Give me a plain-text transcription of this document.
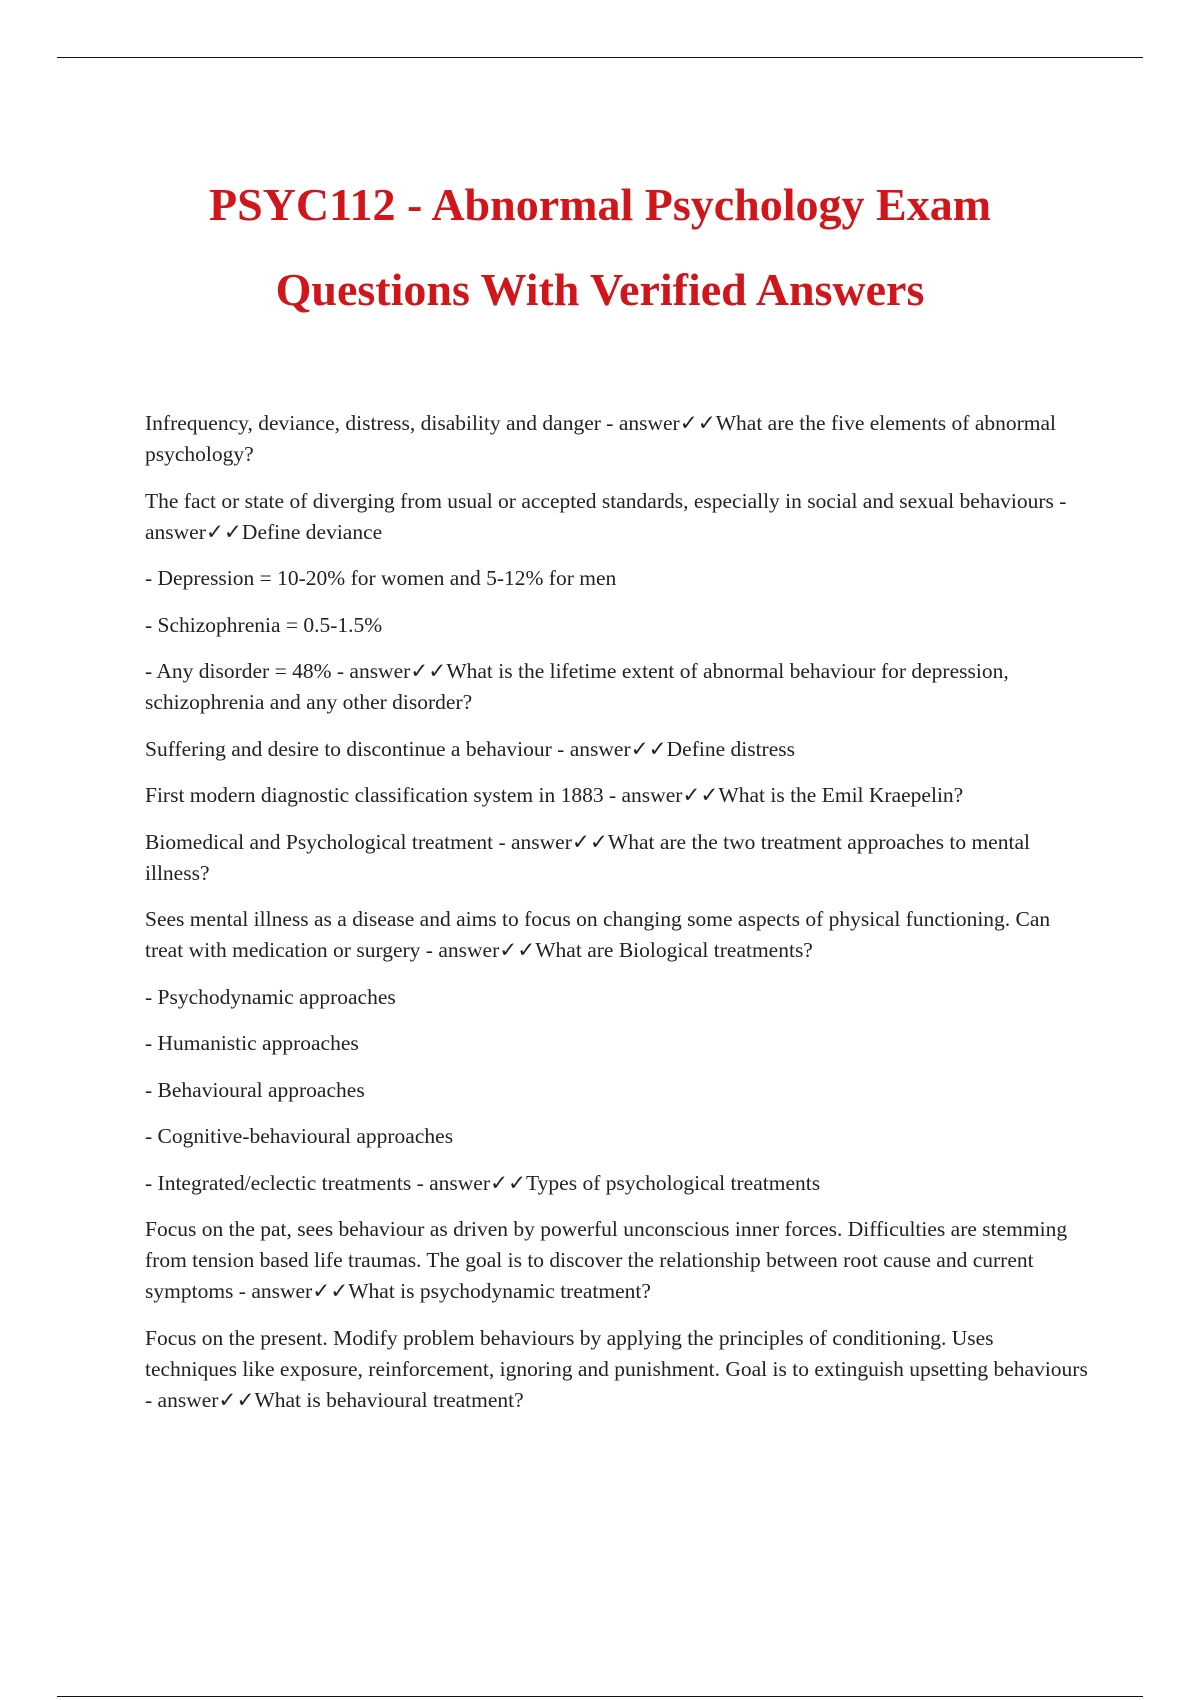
PSYC112 - Abnormal Psychology Exam
Questions With Verified Answers

Infrequency, deviance, distress, disability and danger - answer✓✓What are the five elements of abnormal psychology?

The fact or state of diverging from usual or accepted standards, especially in social and sexual behaviours - answer✓✓Define deviance

- Depression = 10-20% for women and 5-12% for men

- Schizophrenia = 0.5-1.5%

- Any disorder = 48% - answer✓✓What is the lifetime extent of abnormal behaviour for depression, schizophrenia and any other disorder?

Suffering and desire to discontinue a behaviour - answer✓✓Define distress

First modern diagnostic classification system in 1883 - answer✓✓What is the Emil Kraepelin?

Biomedical and Psychological treatment - answer✓✓What are the two treatment approaches to mental illness?

Sees mental illness as a disease and aims to focus on changing some aspects of physical functioning. Can treat with medication or surgery - answer✓✓What are Biological treatments?

- Psychodynamic approaches

- Humanistic approaches

- Behavioural approaches

- Cognitive-behavioural approaches

- Integrated/eclectic treatments - answer✓✓Types of psychological treatments

Focus on the pat, sees behaviour as driven by powerful unconscious inner forces. Difficulties are stemming from tension based life traumas. The goal is to discover the relationship between root cause and current symptoms - answer✓✓What is psychodynamic treatment?

Focus on the present. Modify problem behaviours by applying the principles of conditioning. Uses techniques like exposure, reinforcement, ignoring and punishment. Goal is to extinguish upsetting behaviours - answer✓✓What is behavioural treatment?
